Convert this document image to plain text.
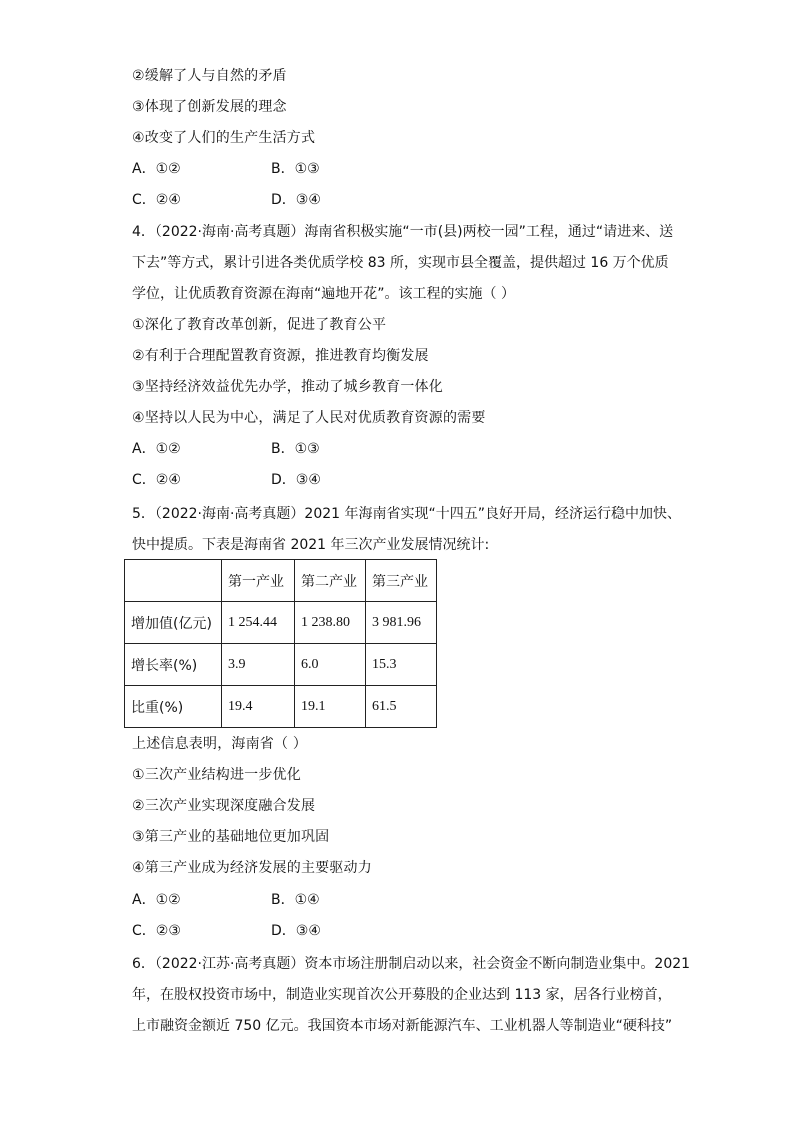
②缓解了人与自然的矛盾
③体现了创新发展的理念
④改变了人们的生产生活方式
A．①②	B．①③
C．②④	D．③④
4．（2022·海南·高考真题）海南省积极实施“一市(县)两校一园”工程，通过“请进来、送
下去”等方式，累计引进各类优质学校 83 所，实现市县全覆盖，提供超过 16 万个优质
学位，让优质教育资源在海南“遍地开花”。该工程的实施（ ）
①深化了教育改革创新，促进了教育公平
②有利于合理配置教育资源，推进教育均衡发展
③坚持经济效益优先办学，推动了城乡教育一体化
④坚持以人民为中心，满足了人民对优质教育资源的需要
A．①②	B．①③
C．②④	D．③④
5．（2022·海南·高考真题）2021 年海南省实现“十四五”良好开局，经济运行稳中加快、
快中提质。下表是海南省 2021 年三次产业发展情况统计:
	第一产业	第二产业	第三产业
增加值(亿元)	1 254.44	1 238.80	3 981.96
增长率(%)	3.9	6.0	15.3
比重(%)	19.4	19.1	61.5
上述信息表明，海南省（ ）
①三次产业结构进一步优化
②三次产业实现深度融合发展
③第三产业的基础地位更加巩固
④第三产业成为经济发展的主要驱动力
A．①②	B．①④
C．②③	D．③④
6．（2022·江苏·高考真题）资本市场注册制启动以来，社会资金不断向制造业集中。2021
年，在股权投资市场中，制造业实现首次公开募股的企业达到 113 家，居各行业榜首，
上市融资金额近 750 亿元。我国资本市场对新能源汽车、工业机器人等制造业“硬科技”
